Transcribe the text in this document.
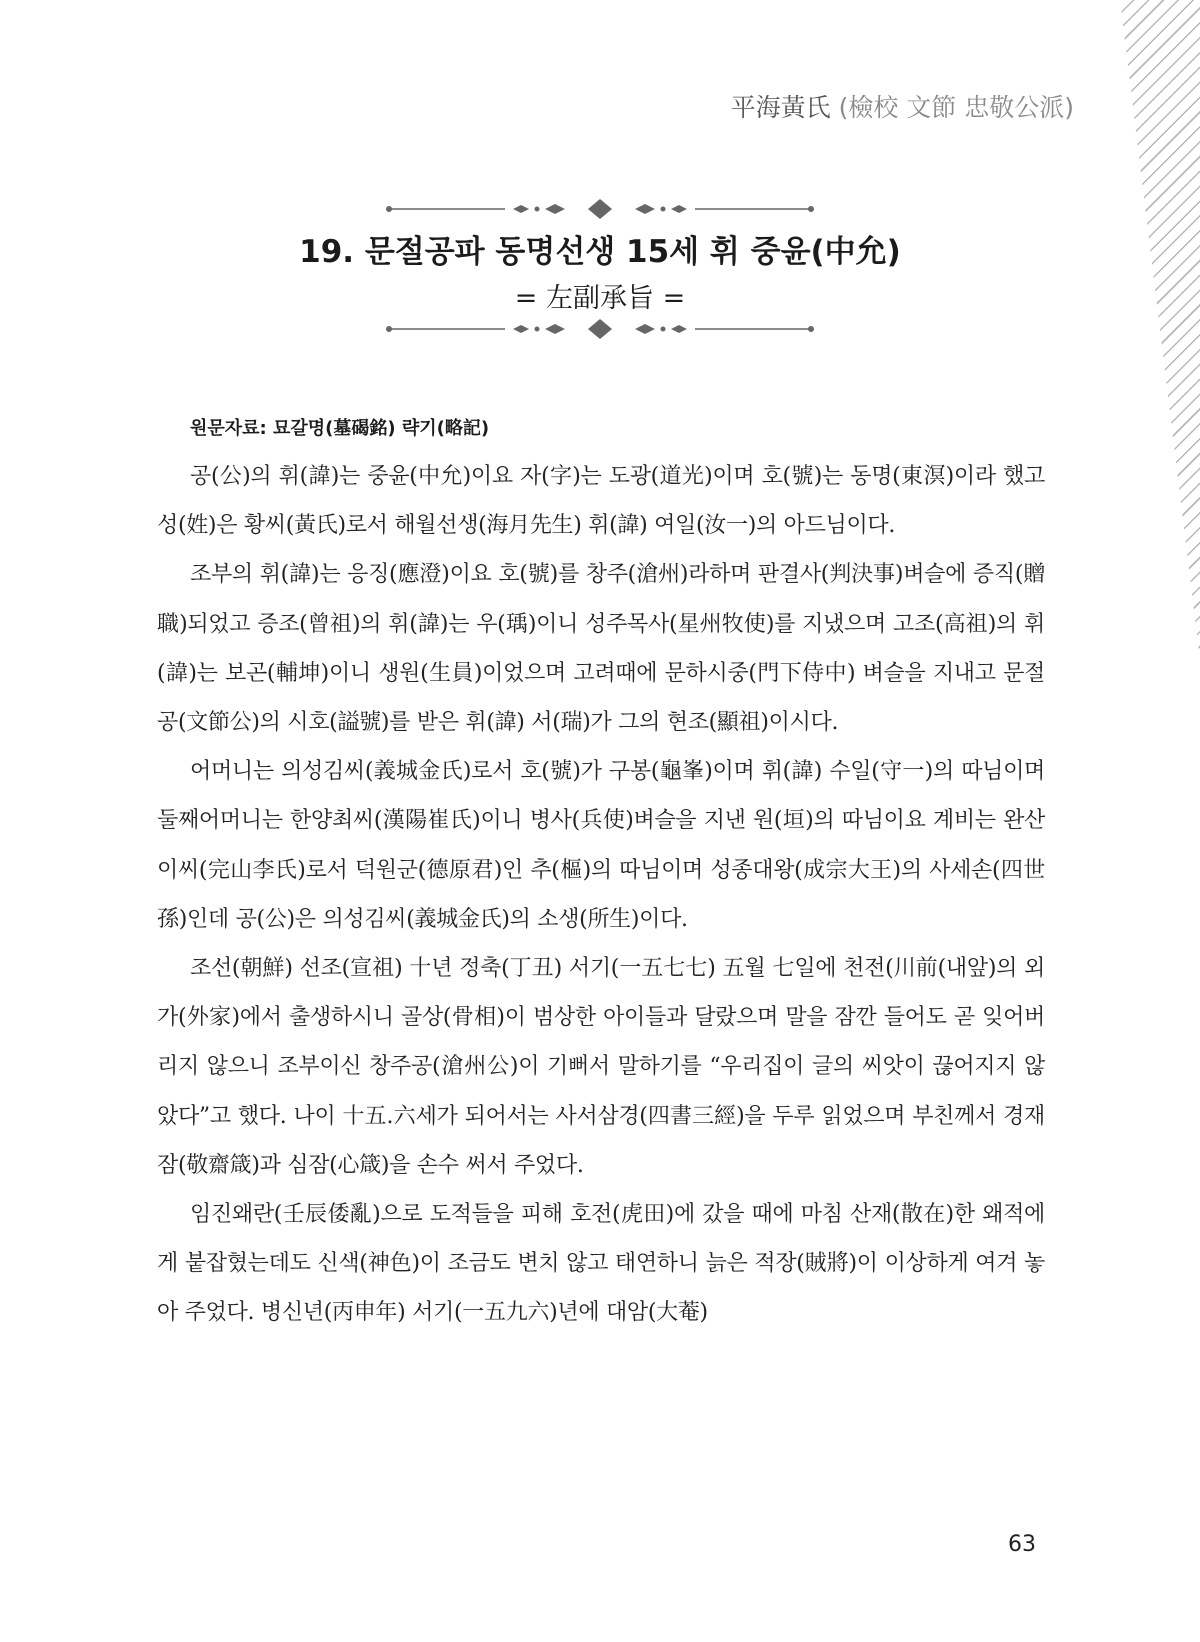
平海黃氏 (檢校 文節 忠敬公派)
19. 문절공파 동명선생 15세 휘 중윤(中允)
= 左副承旨 =
원문자료: 묘갈명(墓碣銘) 략기(略記)

공(公)의 휘(諱)는 중윤(中允)이요 자(字)는 도광(道光)이며 호(號)는 동명(東溟)이라 했고 성(姓)은 황씨(黃氏)로서 해월선생(海月先生) 휘(諱) 여일(汝一)의 아드님이다.

조부의 휘(諱)는 응징(應澄)이요 호(號)를 창주(滄州)라하며 판결사(判決事)벼슬에 증직(贈職)되었고 증조(曾祖)의 휘(諱)는 우(瑀)이니 성주목사(星州牧使)를 지냈으며 고조(高祖)의 휘(諱)는 보곤(輔坤)이니 생원(生員)이었으며 고려때에 문하시중(門下侍中) 벼슬을 지내고 문절공(文節公)의 시호(謚號)를 받은 휘(諱) 서(瑞)가 그의 현조(顯祖)이시다.

어머니는 의성김씨(義城金氏)로서 호(號)가 구봉(龜峯)이며 휘(諱) 수일(守一)의 따님이며 둘째어머니는 한양최씨(漢陽崔氏)이니 병사(兵使)벼슬을 지낸 원(垣)의 따님이요 계비는 완산이씨(完山李氏)로서 덕원군(德原君)인 추(樞)의 따님이며 성종대왕(成宗大王)의 사세손(四世孫)인데 공(公)은 의성김씨(義城金氏)의 소생(所生)이다.

조선(朝鮮) 선조(宣祖) 十년 정축(丁丑) 서기(一五七七) 五월 七일에 천전(川前(내앞)의 외가(外家)에서 출생하시니 골상(骨相)이 범상한 아이들과 달랐으며 말을 잠깐 들어도 곧 잊어버리지 않으니 조부이신 창주공(滄州公)이 기뻐서 말하기를 “우리집이 글의 씨앗이 끊어지지 않았다”고 했다. 나이 十五.六세가 되어서는 사서삼경(四書三經)을 두루 읽었으며 부친께서 경재잠(敬齋箴)과 심잠(心箴)을 손수 써서 주었다.

임진왜란(壬辰倭亂)으로 도적들을 피해 호전(虎田)에 갔을 때에 마침 산재(散在)한 왜적에게 붙잡혔는데도 신색(神色)이 조금도 변치 않고 태연하니 늙은 적장(賊將)이 이상하게 여겨 놓아 주었다. 병신년(丙申年) 서기(一五九六)년에 대암(大菴)

63
